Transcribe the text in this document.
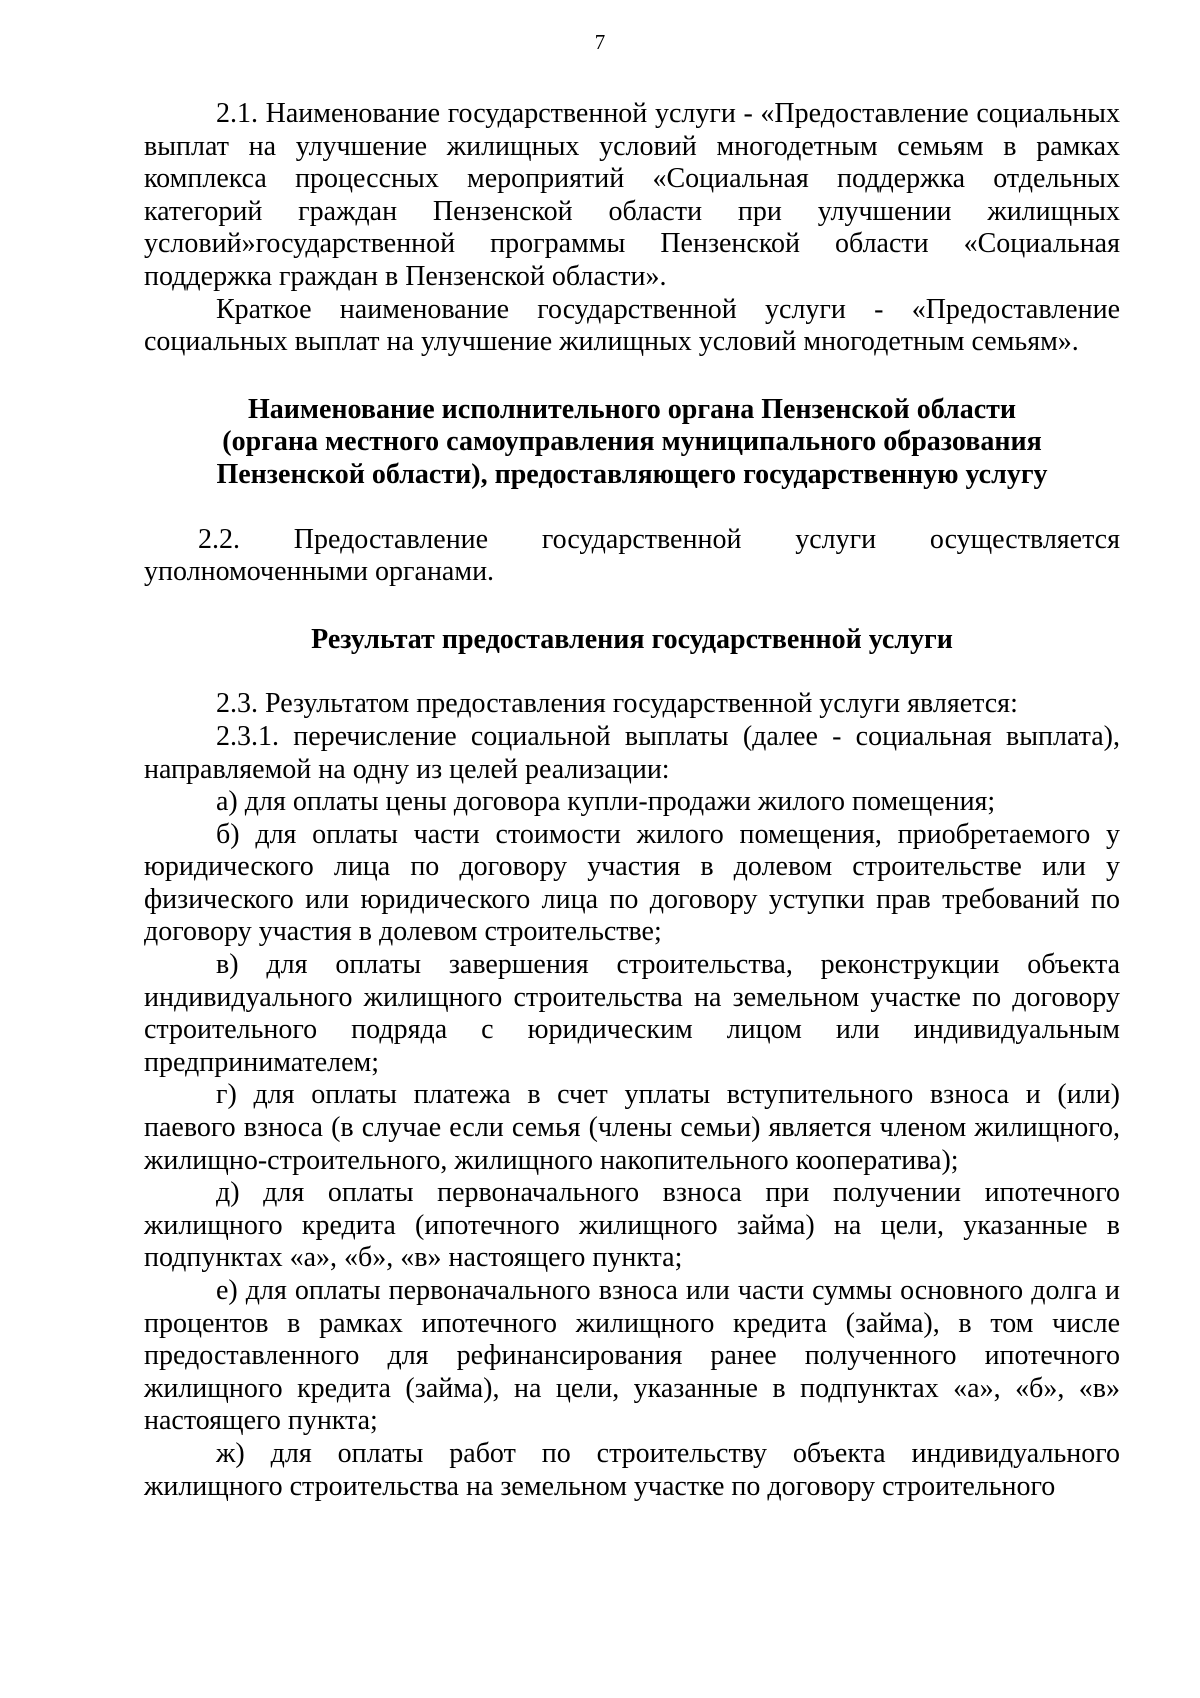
7

2.1. Наименование государственной услуги - «Предоставление социальных выплат на улучшение жилищных условий многодетным семьям в рамках комплекса процессных мероприятий «Социальная поддержка отдельных категорий граждан Пензенской области при улучшении жилищных условий»государственной программы Пензенской области «Социальная поддержка граждан в Пензенской области».

Краткое наименование государственной услуги - «Предоставление социальных выплат на улучшение жилищных условий многодетным семьям».

Наименование исполнительного органа Пензенской области
(органа местного самоуправления муниципального образования
Пензенской области), предоставляющего государственную услугу

2.2. Предоставление государственной услуги осуществляется уполномоченными органами.

Результат предоставления государственной услуги

2.3. Результатом предоставления государственной услуги является:

2.3.1. перечисление социальной выплаты (далее - социальная выплата), направляемой на одну из целей реализации:

а) для оплаты цены договора купли-продажи жилого помещения;

б) для оплаты части стоимости жилого помещения, приобретаемого у юридического лица по договору участия в долевом строительстве или у физического или юридического лица по договору уступки прав требований по договору участия в долевом строительстве;

в) для оплаты завершения строительства, реконструкции объекта индивидуального жилищного строительства на земельном участке по договору строительного подряда с юридическим лицом или индивидуальным предпринимателем;

г) для оплаты платежа в счет уплаты вступительного взноса и (или) паевого взноса (в случае если семья (члены семьи) является членом жилищного, жилищно-строительного, жилищного накопительного кооператива);

д) для оплаты первоначального взноса при получении ипотечного жилищного кредита (ипотечного жилищного займа) на цели, указанные в подпунктах «а», «б», «в» настоящего пункта;

е) для оплаты первоначального взноса или части суммы основного долга и процентов в рамках ипотечного жилищного кредита (займа), в том числе предоставленного для рефинансирования ранее полученного ипотечного жилищного кредита (займа), на цели, указанные в подпунктах «а», «б», «в» настоящего пункта;

ж) для оплаты работ по строительству объекта индивидуального жилищного строительства на земельном участке по договору строительного
